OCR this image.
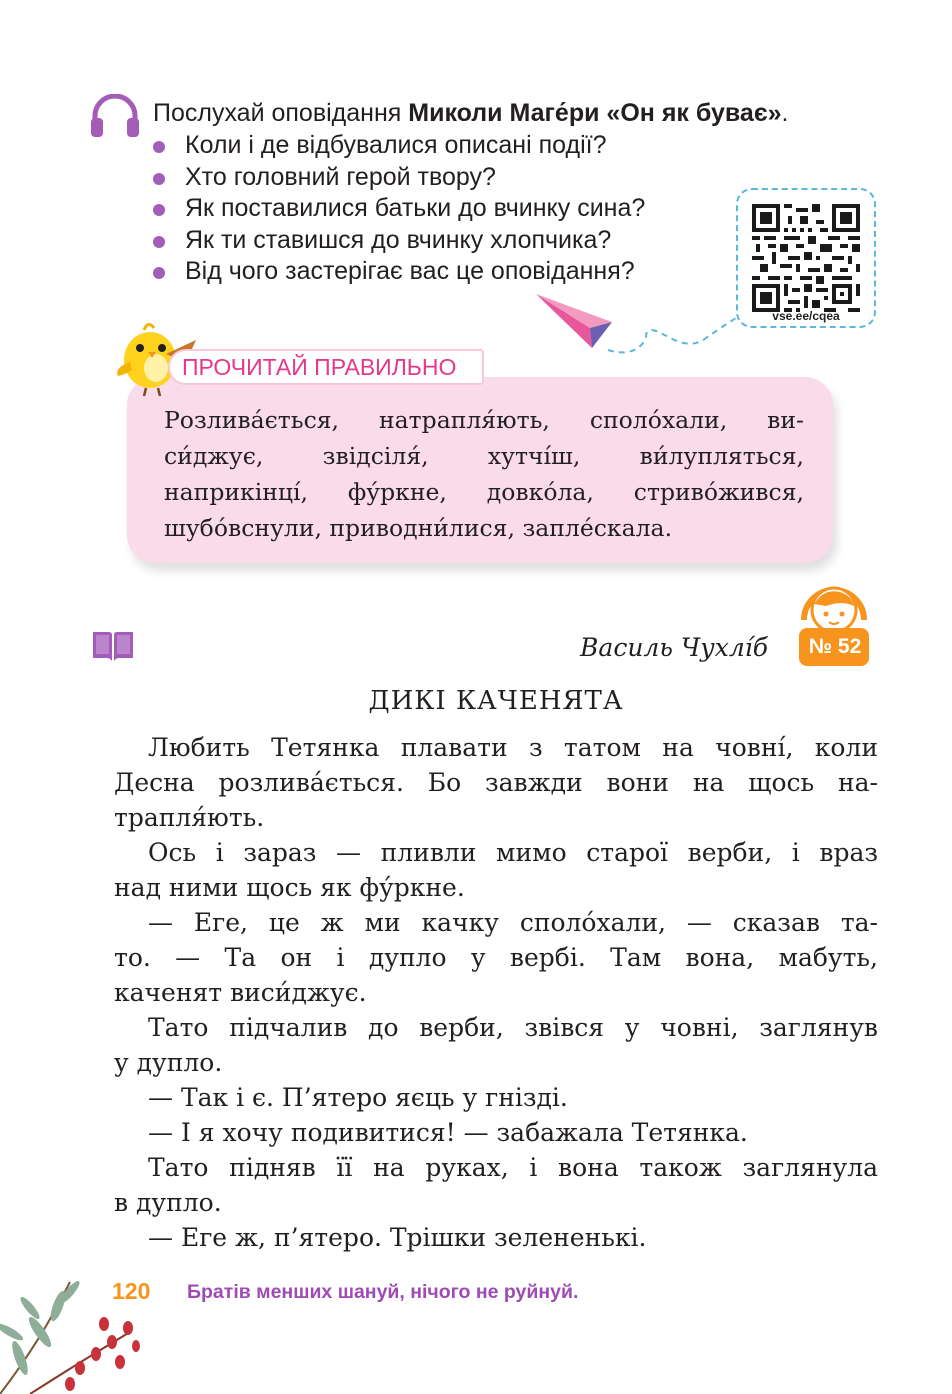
Послухай оповідання Миколи Маге́ри «Он як буває».
Коли і де відбувалися описані події?
Хто головний герой твору?
Як поставилися батьки до вчинку сина?
Як ти ставишся до вчинку хлопчика?
Від чого застерігає вас це оповідання?
vse.ee/cqea
ПРОЧИТАЙ ПРАВИЛЬНО
Розлива́ється, натрапля́ють, споло́хали, ви-
си́джує, звідсіля́, хутчі́ш, ви́лупляться,
наприкінці́, фу́ркне, довко́ла, стриво́жився,
шубо́вснули, приводни́лися, запле́скала.
Василь Чухлі́б	№ 52
ДИКІ КАЧЕНЯТА
Любить Тетянка плавати з татом на човні́, коли
Десна розлива́ється. Бо завжди вони на щось на-
трапля́ють.
Ось і зараз — пливли мимо старої верби, і враз
над ними щось як фу́ркне.
— Еге, це ж ми качку споло́хали, — сказав та-
то. — Та он і дупло у вербі. Там вона, мабуть,
каченят виси́джує.
Тато підчалив до верби, звівся у човні, заглянув
у дупло.
— Так і є. П’ятеро яєць у гнізді.
— І я хочу подивитися! — забажала Тетянка.
Тато підняв її на руках, і вона також заглянула
в дупло.
— Еге ж, п’ятеро. Трішки зелененькі.
120 Братів менших шануй, нічого не руйнуй.
